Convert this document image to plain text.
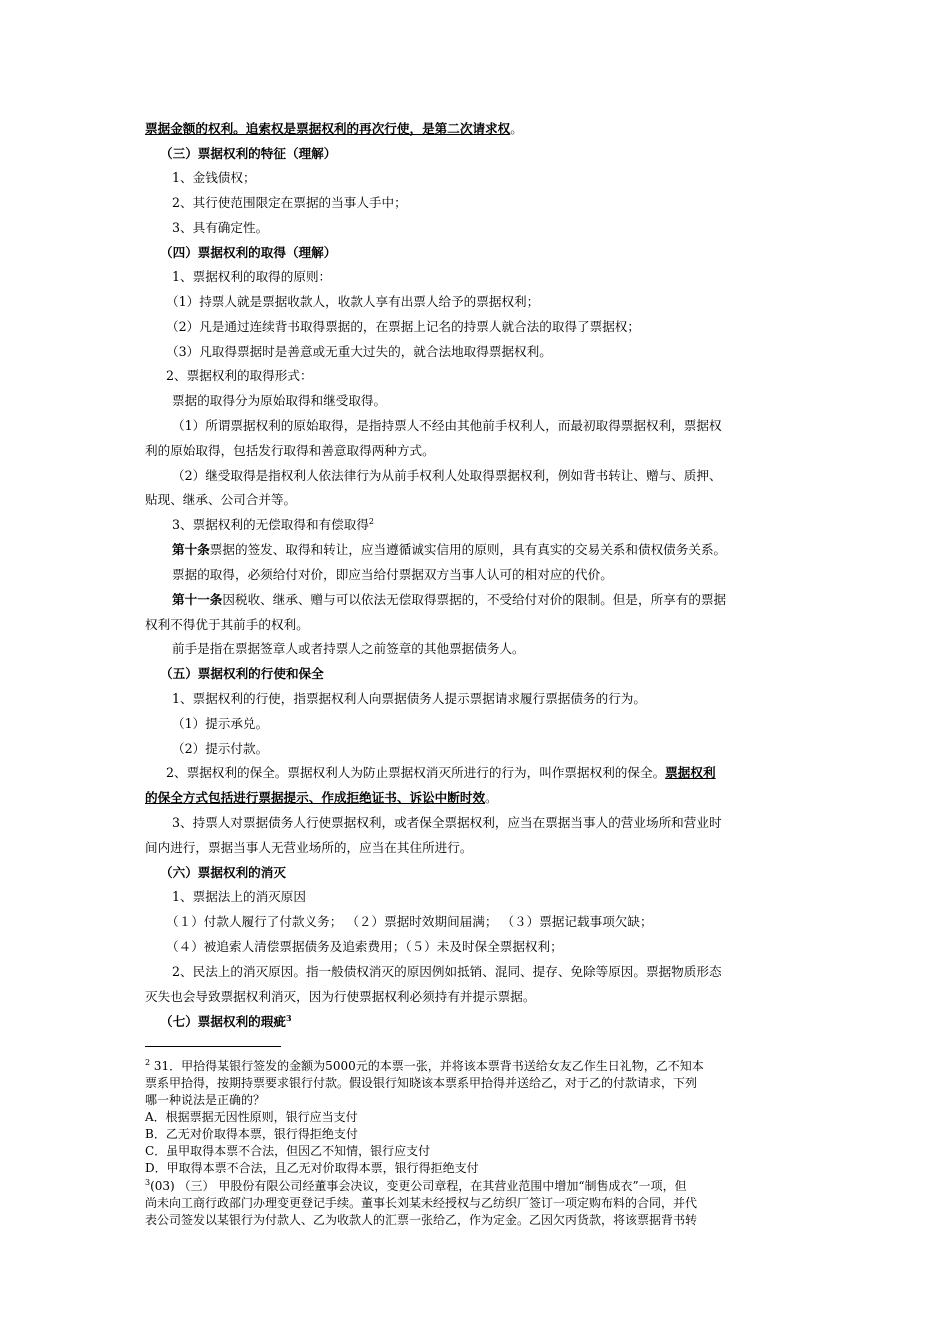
票据金额的权利。追索权是票据权利的再次行使，是第二次请求权。
（三）票据权利的特征（理解）
1、金钱债权；
2、其行使范围限定在票据的当事人手中；
3、具有确定性。
（四）票据权利的取得（理解）
1、票据权利的取得的原则：
（1）持票人就是票据收款人，收款人享有出票人给予的票据权利；
（2）凡是通过连续背书取得票据的，在票据上记名的持票人就合法的取得了票据权；
（3）凡取得票据时是善意或无重大过失的，就合法地取得票据权利。
2、票据权利的取得形式：
票据的取得分为原始取得和继受取得。
（1）所谓票据权利的原始取得，是指持票人不经由其他前手权利人，而最初取得票据权利，票据权
利的原始取得，包括发行取得和善意取得两种方式。
（2）继受取得是指权利人依法律行为从前手权利人处取得票据权利，例如背书转让、赠与、质押、
贴现、继承、公司合并等。
3、票据权利的无偿取得和有偿取得$^2$
第十条票据的签发、取得和转让，应当遵循诚实信用的原则，具有真实的交易关系和债权债务关系。
票据的取得，必须给付对价，即应当给付票据双方当事人认可的相对应的代价。
第十一条因税收、继承、赠与可以依法无偿取得票据的，不受给付对价的限制。但是，所享有的票据
权利不得优于其前手的权利。
前手是指在票据签章人或者持票人之前签章的其他票据债务人。
（五）票据权利的行使和保全
1、票据权利的行使，指票据权利人向票据债务人提示票据请求履行票据债务的行为。
（1）提示承兑。
（2）提示付款。
2、票据权利的保全。票据权利人为防止票据权消灭所进行的行为，叫作票据权利的保全。票据权利
的保全方式包括进行票据提示、作成拒绝证书、诉讼中断时效。
3、持票人对票据债务人行使票据权利，或者保全票据权利，应当在票据当事人的营业场所和营业时
间内进行，票据当事人无营业场所的，应当在其住所进行。
（六）票据权利的消灭
1、票据法上的消灭原因
（１）付款人履行了付款义务； （２）票据时效期间届满； （３）票据记载事项欠缺；
（４）被追索人清偿票据债务及追索费用；（５）未及时保全票据权利；
2、民法上的消灭原因。指一般债权消灭的原因例如抵销、混同、提存、免除等原因。票据物质形态
灭失也会导致票据权利消灭，因为行使票据权利必须持有并提示票据。
（七）票据权利的瑕疵$^3$
$^2$ 31．甲拾得某银行签发的金额为5000元的本票一张，并将该本票背书送给女友乙作生日礼物，乙不知本
票系甲拾得，按期持票要求银行付款。假设银行知晓该本票系甲拾得并送给乙，对于乙的付款请求，下列
哪一种说法是正确的？
A．根据票据无因性原则，银行应当支付
B．乙无对价取得本票，银行得拒绝支付
C．虽甲取得本票不合法，但因乙不知情，银行应支付
D．甲取得本票不合法，且乙无对价取得本票，银行得拒绝支付
$^3$(03) （三） 甲股份有限公司经董事会决议，变更公司章程，在其营业范围中增加“制售成衣”一项，但
尚未向工商行政部门办理变更登记手续。董事长刘某未经授权与乙纺织厂签订一项定购布料的合同，并代
表公司签发以某银行为付款人、乙为收款人的汇票一张给乙，作为定金。乙因欠丙货款，将该票据背书转
